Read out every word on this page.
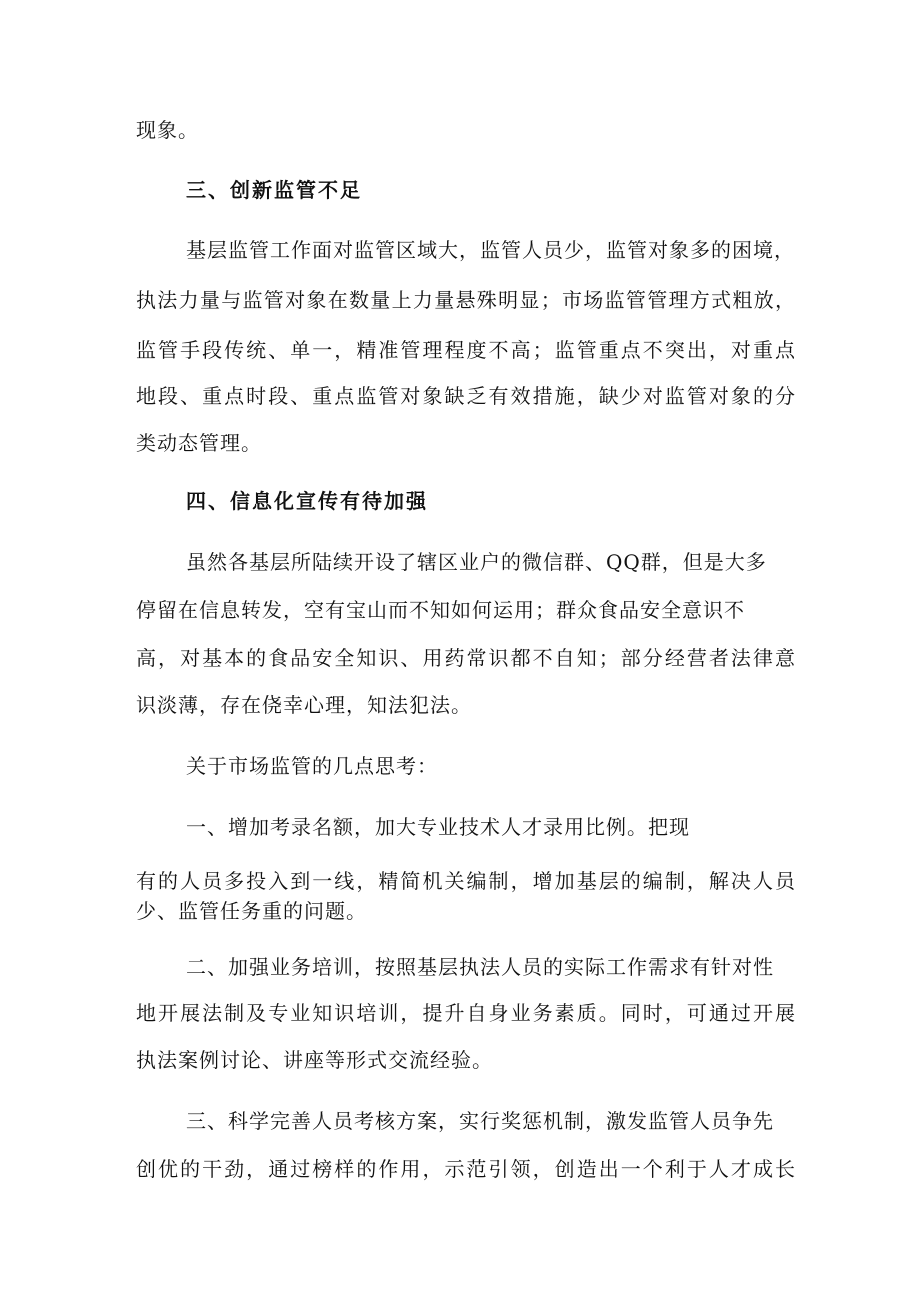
现象。
三、创新监管不足
基层监管工作面对监管区域大，监管人员少，监管对象多的困境，
执法力量与监管对象在数量上力量悬殊明显；市场监管管理方式粗放，
监管手段传统、单一，精准管理程度不高；监管重点不突出，对重点
地段、重点时段、重点监管对象缺乏有效措施，缺少对监管对象的分
类动态管理。
四、信息化宣传有待加强
虽然各基层所陆续开设了辖区业户的微信群、QQ群，但是大多
停留在信息转发，空有宝山而不知如何运用；群众食品安全意识不
高，对基本的食品安全知识、用药常识都不自知；部分经营者法律意
识淡薄，存在侥幸心理，知法犯法。
关于市场监管的几点思考：
一、增加考录名额，加大专业技术人才录用比例。把现
有的人员多投入到一线，精简机关编制，增加基层的编制，解决人员
少、监管任务重的问题。
二、加强业务培训，按照基层执法人员的实际工作需求有针对性
地开展法制及专业知识培训，提升自身业务素质。同时，可通过开展
执法案例讨论、讲座等形式交流经验。
三、科学完善人员考核方案，实行奖惩机制，激发监管人员争先
创优的干劲，通过榜样的作用，示范引领，创造出一个利于人才成长
